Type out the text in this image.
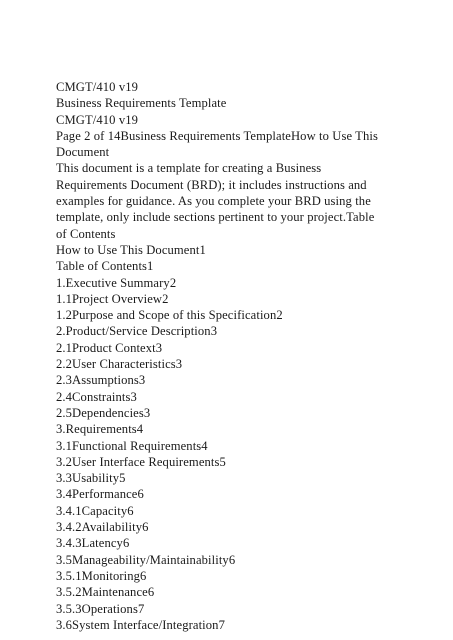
CMGT/410 v19
Business Requirements Template
CMGT/410 v19
Page 2 of 14Business Requirements TemplateHow to Use This
Document
This document is a template for creating a Business
Requirements Document (BRD); it includes instructions and
examples for guidance. As you complete your BRD using the
template, only include sections pertinent to your project.Table
of Contents
How to Use This Document1
Table of Contents1
1.Executive Summary2
1.1Project Overview2
1.2Purpose and Scope of this Specification2
2.Product/Service Description3
2.1Product Context3
2.2User Characteristics3
2.3Assumptions3
2.4Constraints3
2.5Dependencies3
3.Requirements4
3.1Functional Requirements4
3.2User Interface Requirements5
3.3Usability5
3.4Performance6
3.4.1Capacity6
3.4.2Availability6
3.4.3Latency6
3.5Manageability/Maintainability6
3.5.1Monitoring6
3.5.2Maintenance6
3.5.3Operations7
3.6System Interface/Integration7
